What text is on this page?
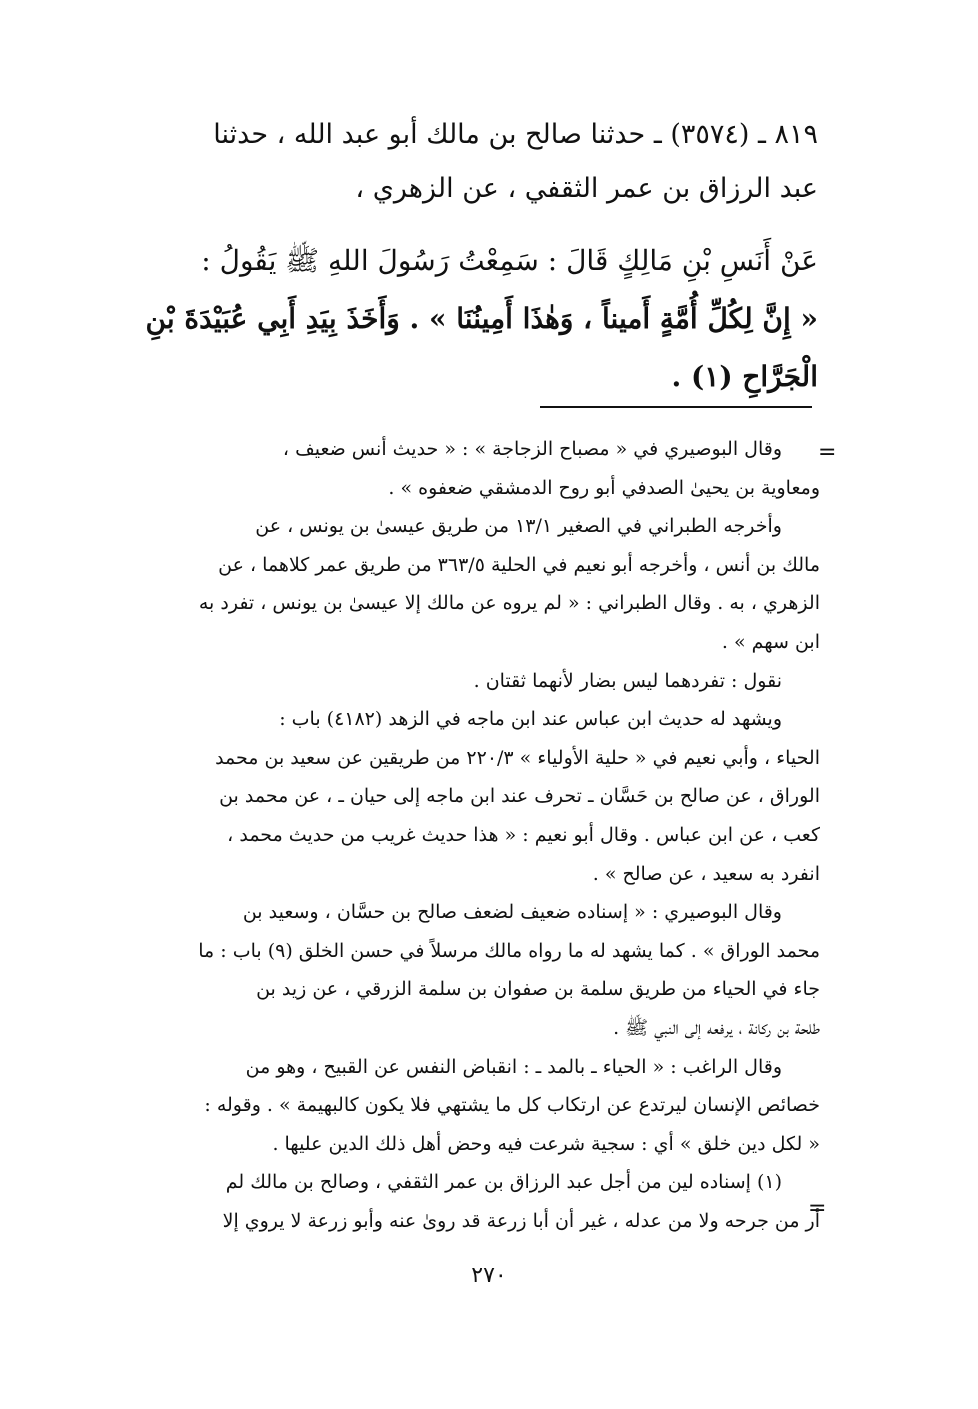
٨١٩ ـ (٣٥٧٤) ـ حدثنا صالح بن مالك أبو عبد الله ، حدثنا
عبد الرزاق بن عمر الثقفي ، عن الزهري ،
عَنْ أَنَسِ بْنِ مَالِكٍ قَالَ : سَمِعْتُ رَسُولَ اللهِ ﷺ يَقُولُ :
« إِنَّ لِكُلِّ أُمَّةٍ أَميناً ، وَهٰذَا أَمِينُنَا » . وَأَخَذَ بِيَدِ أَبِي عُبَيْدَةَ بْنِ
الْجَرَّاحِ (١) .
=
وقال البوصيري في « مصباح الزجاجة » : « حديث أنس ضعيف ،
ومعاوية بن يحيىٰ الصدفي أبو روح الدمشقي ضعفوه » .
وأخرجه الطبراني في الصغير ١٣/١ من طريق عيسىٰ بن يونس ، عن
مالك بن أنس ، وأخرجه أبو نعيم في الحلية ٣٦٣/٥ من طريق عمر كلاهما ، عن
الزهري ، به . وقال الطبراني : « لم يروه عن مالك إلا عيسىٰ بن يونس ، تفرد به
ابن سهم » .
نقول : تفردهما ليس بضار لأنهما ثقتان .
ويشهد له حديث ابن عباس عند ابن ماجه في الزهد (٤١٨٢) باب :
الحياء ، وأبي نعيم في « حلية الأولياء » ٢٢٠/٣ من طريقين عن سعيد بن محمد
الوراق ، عن صالح بن حَسَّان ـ تحرف عند ابن ماجه إلى حيان ـ ، عن محمد بن
كعب ، عن ابن عباس . وقال أبو نعيم : « هذا حديث غريب من حديث محمد ،
انفرد به سعيد ، عن صالح » .
وقال البوصيري : « إسناده ضعيف لضعف صالح بن حسَّان ، وسعيد بن
محمد الوراق » . كما يشهد له ما رواه مالك مرسلاً في حسن الخلق (٩) باب : ما
جاء في الحياء من طريق سلمة بن صفوان بن سلمة الزرقي ، عن زيد بن
طلحة بن ركانة ، يرفعه إلى النبي ﷺ .
وقال الراغب : « الحياء ـ بالمد ـ : انقباض النفس عن القبيح ، وهو من
خصائص الإنسان ليرتدع عن ارتكاب كل ما يشتهي فلا يكون كالبهيمة » . وقوله :
« لكل دين خلق » أي : سجية شرعت فيه وحض أهل ذلك الدين عليها .
(١) إسناده لين من أجل عبد الرزاق بن عمر الثقفي ، وصالح بن مالك لم
أر من جرحه ولا من عدله ، غير أن أبا زرعة قد روىٰ عنه وأبو زرعة لا يروي إلا
=
٢٧٠
